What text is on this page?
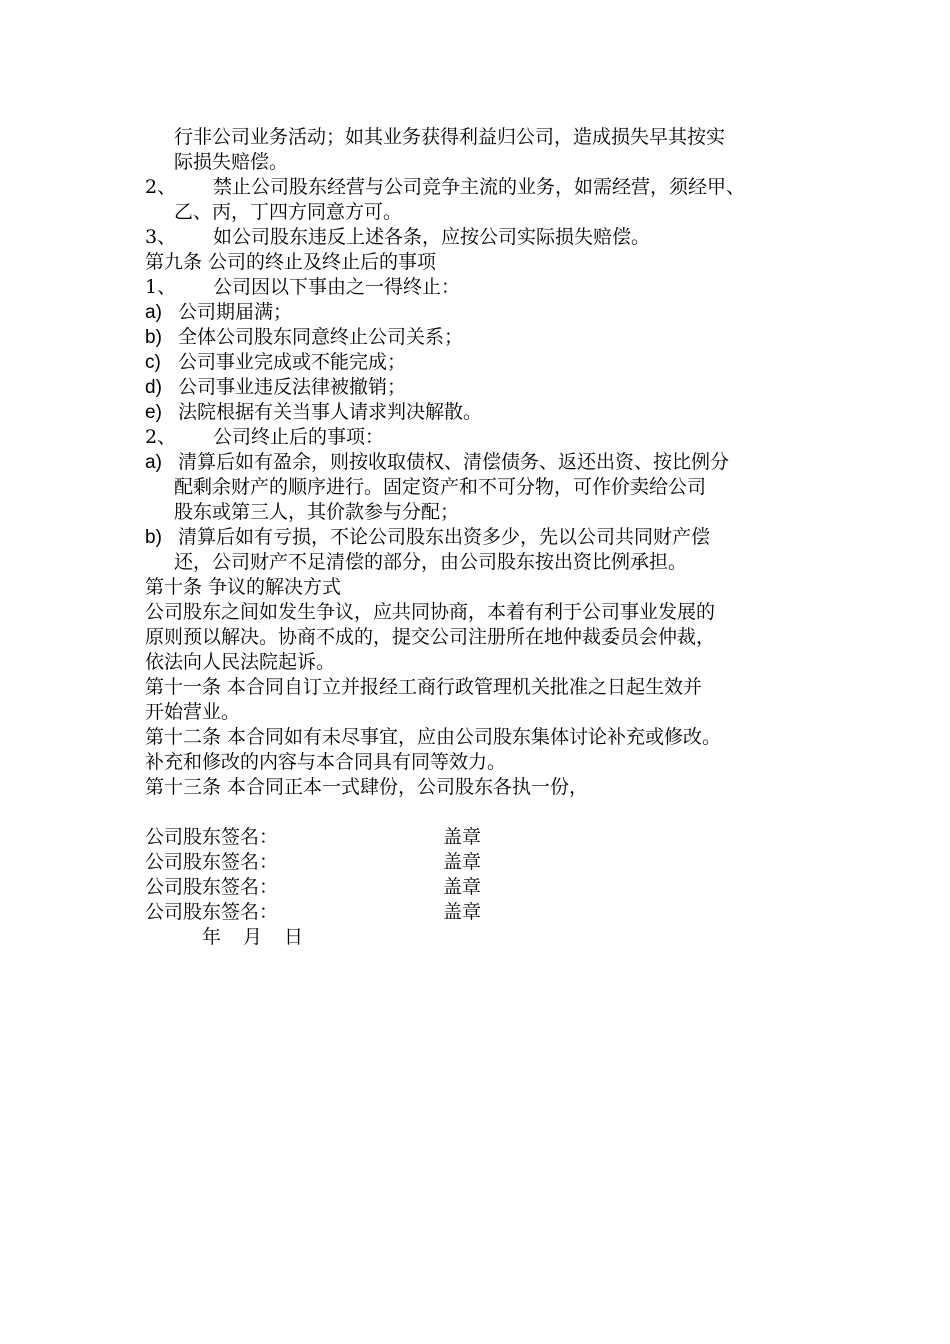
行非公司业务活动；如其业务获得利益归公司，造成损失早其按实
际损失赔偿。
2、 禁止公司股东经营与公司竞争主流的业务，如需经营，须经甲、
乙、丙，丁四方同意方可。
3、 如公司股东违反上述各条，应按公司实际损失赔偿。
第九条 公司的终止及终止后的事项
1、 公司因以下事由之一得终止：
a) 公司期届满；
b) 全体公司股东同意终止公司关系；
c) 公司事业完成或不能完成；
d) 公司事业违反法律被撤销；
e) 法院根据有关当事人请求判决解散。
2、 公司终止后的事项：
a) 清算后如有盈余，则按收取债权、清偿债务、返还出资、按比例分
配剩余财产的顺序进行。固定资产和不可分物，可作价卖给公司
股东或第三人，其价款参与分配；
b) 清算后如有亏损，不论公司股东出资多少，先以公司共同财产偿
还，公司财产不足清偿的部分，由公司股东按出资比例承担。
第十条 争议的解决方式
公司股东之间如发生争议，应共同协商，本着有利于公司事业发展的
原则预以解决。协商不成的，提交公司注册所在地仲裁委员会仲裁，
依法向人民法院起诉。
第十一条 本合同自订立并报经工商行政管理机关批准之日起生效并
开始营业。
第十二条 本合同如有未尽事宜，应由公司股东集体讨论补充或修改。
补充和修改的内容与本合同具有同等效力。
第十三条 本合同正本一式肆份，公司股东各执一份，
公司股东签名：	盖章
公司股东签名：	盖章
公司股东签名：	盖章
公司股东签名：	盖章
年 月 日
